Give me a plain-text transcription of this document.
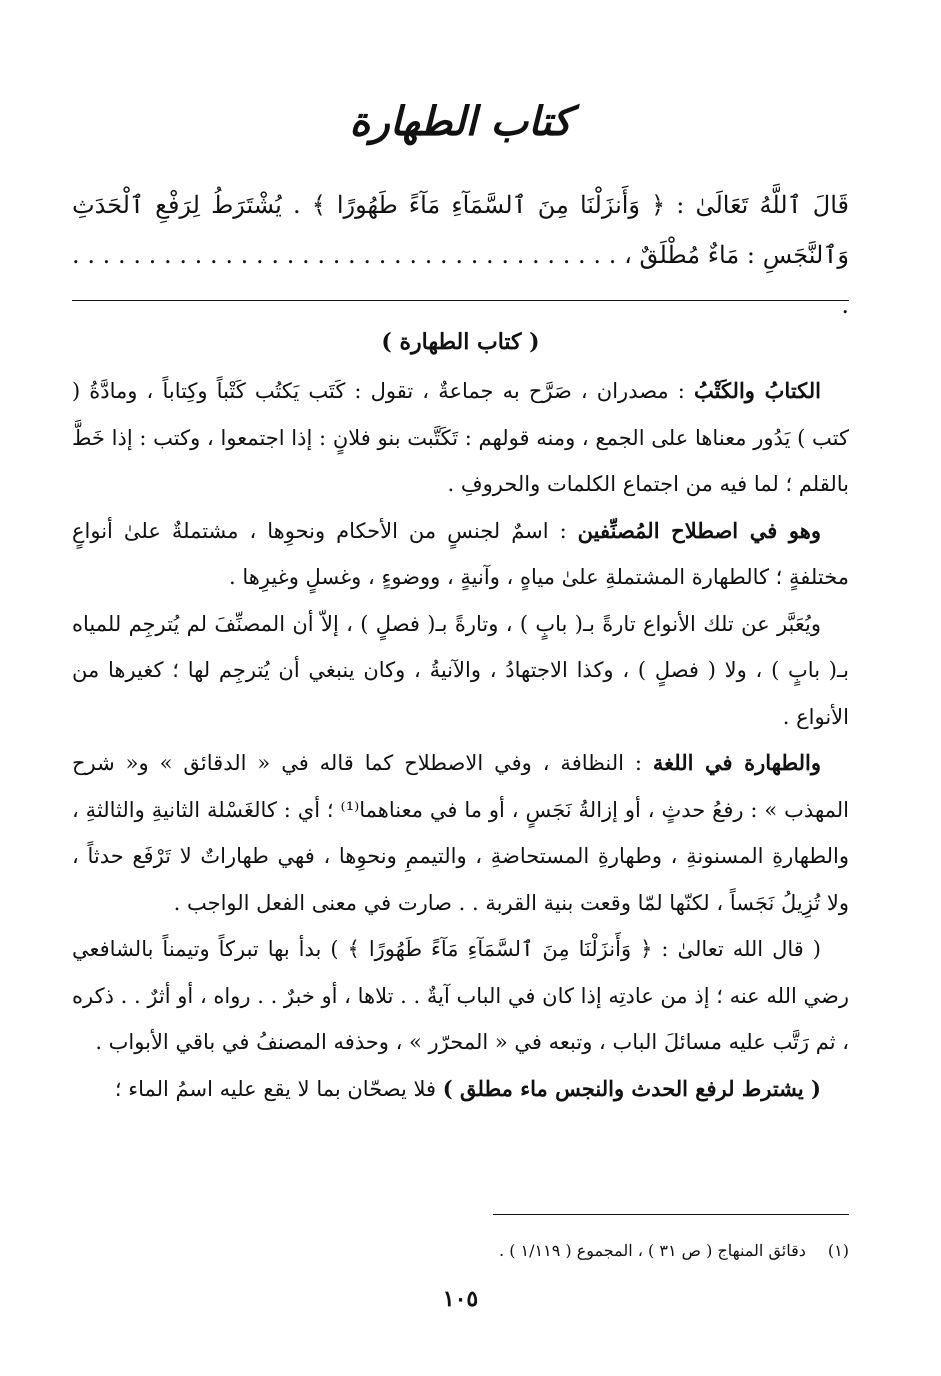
كتاب الطهارة
قَالَ ٱللَّهُ تَعَالَىٰ : ﴿ وَأَنزَلْنَا مِنَ ٱلسَّمَآءِ مَآءً طَهُورًا ﴾ . يُشْتَرَطُ لِرَفْعِ ٱلْحَدَثِ وَٱلنَّجَسِ : مَاءٌ مُطْلَقٌ ، . . . . . . . . . . . . . . . . . . . . . . . . . . . . . . . . . . . . .
( كتاب الطهارة )

الكتابُ والكَتْبُ : مصدران ، صَرَّح به جماعةٌ ، تقول : كَتَب يَكتُب كَتْباً وكِتاباً ، ومادَّةُ ( كتب ) يَدُور معناها على الجمع ، ومنه قولهم : تَكَتَّبت بنو فلانٍ : إذا اجتمعوا ، وكتب : إذا خَطَّ بالقلم ؛ لما فيه من اجتماع الكلمات والحروفِ .

وهو في اصطلاح المُصنِّفين : اسمٌ لجنسٍ من الأحكام ونحوِها ، مشتملةٌ علىٰ أنواعٍ مختلفةٍ ؛ كالطهارة المشتملةِ علىٰ مياهٍ ، وآنيةٍ ، ووضوءٍ ، وغسلٍ وغيرِها .

ويُعَبَّر عن تلك الأنواع تارةً بـ( بابٍ ) ، وتارةً بـ( فصلٍ ) ، إلاّ أن المصنِّفَ لم يُترجِم للمياه بـ( بابٍ ) ، ولا ( فصلٍ ) ، وكذا الاجتهادُ ، والآنيةُ ، وكان ينبغي أن يُترجِم لها ؛ كغيرها من الأنواع .

والطهارة في اللغة : النظافة ، وفي الاصطلاح كما قاله في « الدقائق » و« شرح المهذب » : رفعُ حدثٍ ، أو إزالةُ نَجَسٍ ، أو ما في معناهما⁽¹⁾ ؛ أي : كالغَسْلة الثانيةِ والثالثةِ ، والطهارةِ المسنونةِ ، وطهارةِ المستحاضةِ ، والتيممِ ونحوِها ، فهي طهاراتٌ لا تَرْفَع حدثاً ، ولا تُزِيلُ نَجَساً ، لكنّها لمّا وقعت بنية القربة . . صارت في معنى الفعل الواجب .

( قال الله تعالىٰ : ﴿ وَأَنزَلْنَا مِنَ ٱلسَّمَآءِ مَآءً طَهُورًا ﴾ ) بدأ بها تبركاً وتيمناً بالشافعي رضي الله عنه ؛ إذ من عادتِه إذا كان في الباب آيةٌ . . تلاها ، أو خبرٌ . . رواه ، أو أثرٌ . . ذكره ، ثم رَتَّب عليه مسائلَ الباب ، وتبعه في « المحرّر » ، وحذفه المصنفُ في باقي الأبواب .

( يشترط لرفع الحدث والنجس ماء مطلق ) فلا يصحّان بما لا يقع عليه اسمُ الماء ؛

(١)دقائق المنهاج ( ص ٣١ ) ، المجموع ( ١/١١٩ ) .
١٠٥
